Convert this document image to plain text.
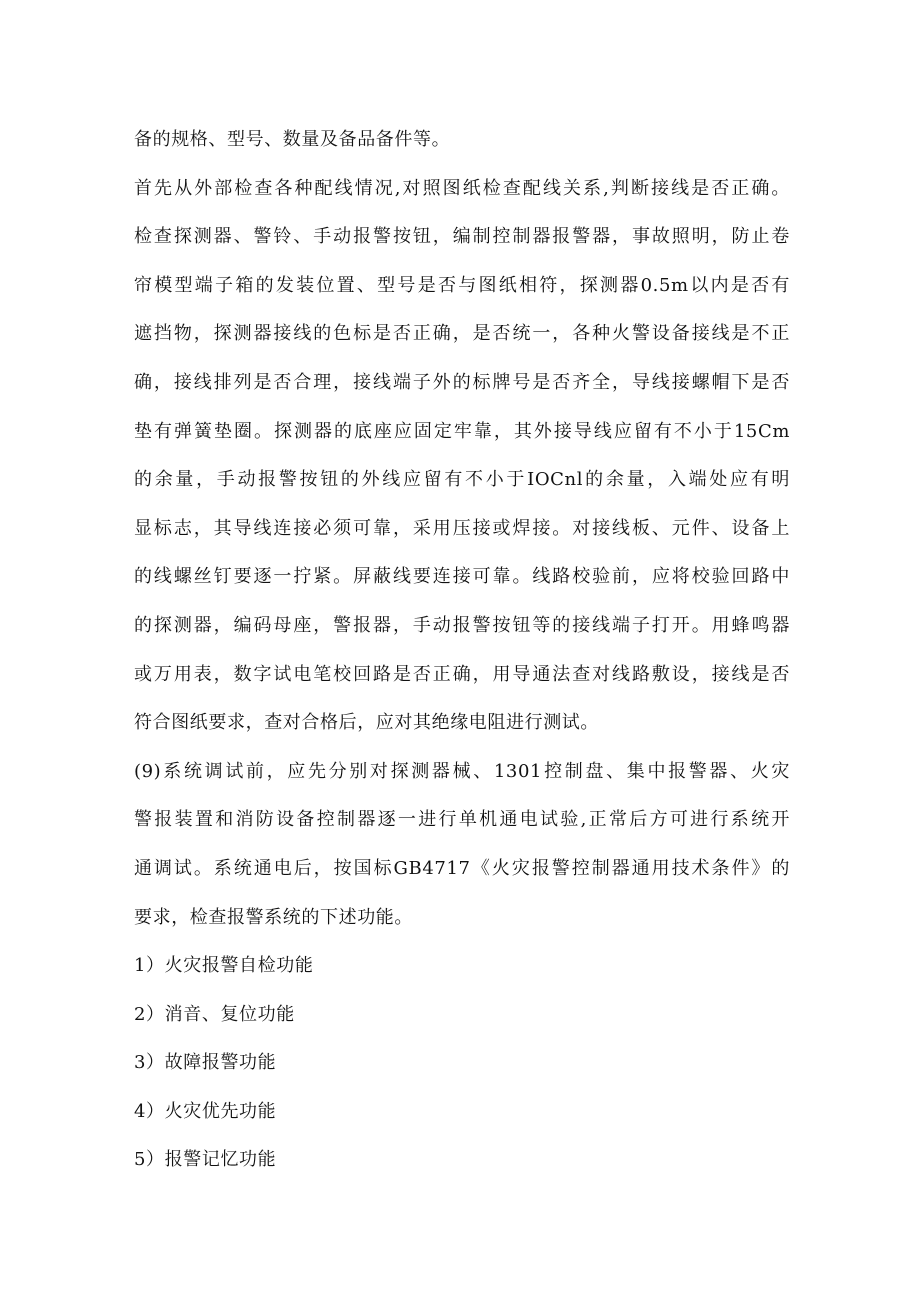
备的规格、型号、数量及备品备件等。
首先从外部检查各种配线情况,对照图纸检查配线关系,判断接线是否正确。
检查探测器、警铃、手动报警按钮，编制控制器报警器，事故照明，防止卷
帘模型端子箱的发装位置、型号是否与图纸相符，探测器0.5m以内是否有
遮挡物，探测器接线的色标是否正确，是否统一，各种火警设备接线是不正
确，接线排列是否合理，接线端子外的标牌号是否齐全，导线接螺帽下是否
垫有弹簧垫圈。探测器的底座应固定牢靠，其外接导线应留有不小于15Cm
的余量，手动报警按钮的外线应留有不小于IOCnl的余量，入端处应有明
显标志，其导线连接必须可靠，采用压接或焊接。对接线板、元件、设备上
的线螺丝钉要逐一拧紧。屏蔽线要连接可靠。线路校验前，应将校验回路中
的探测器，编码母座，警报器，手动报警按钮等的接线端子打开。用蜂鸣器
或万用表，数字试电笔校回路是否正确，用导通法查对线路敷设，接线是否
符合图纸要求，查对合格后，应对其绝缘电阻进行测试。
(9)系统调试前，应先分别对探测器械、1301控制盘、集中报警器、火灾
警报装置和消防设备控制器逐一进行单机通电试验,正常后方可进行系统开
通调试。系统通电后，按国标GB4717《火灾报警控制器通用技术条件》的
要求，检查报警系统的下述功能。
1）火灾报警自检功能
2）消音、复位功能
3）故障报警功能
4）火灾优先功能
5）报警记忆功能
